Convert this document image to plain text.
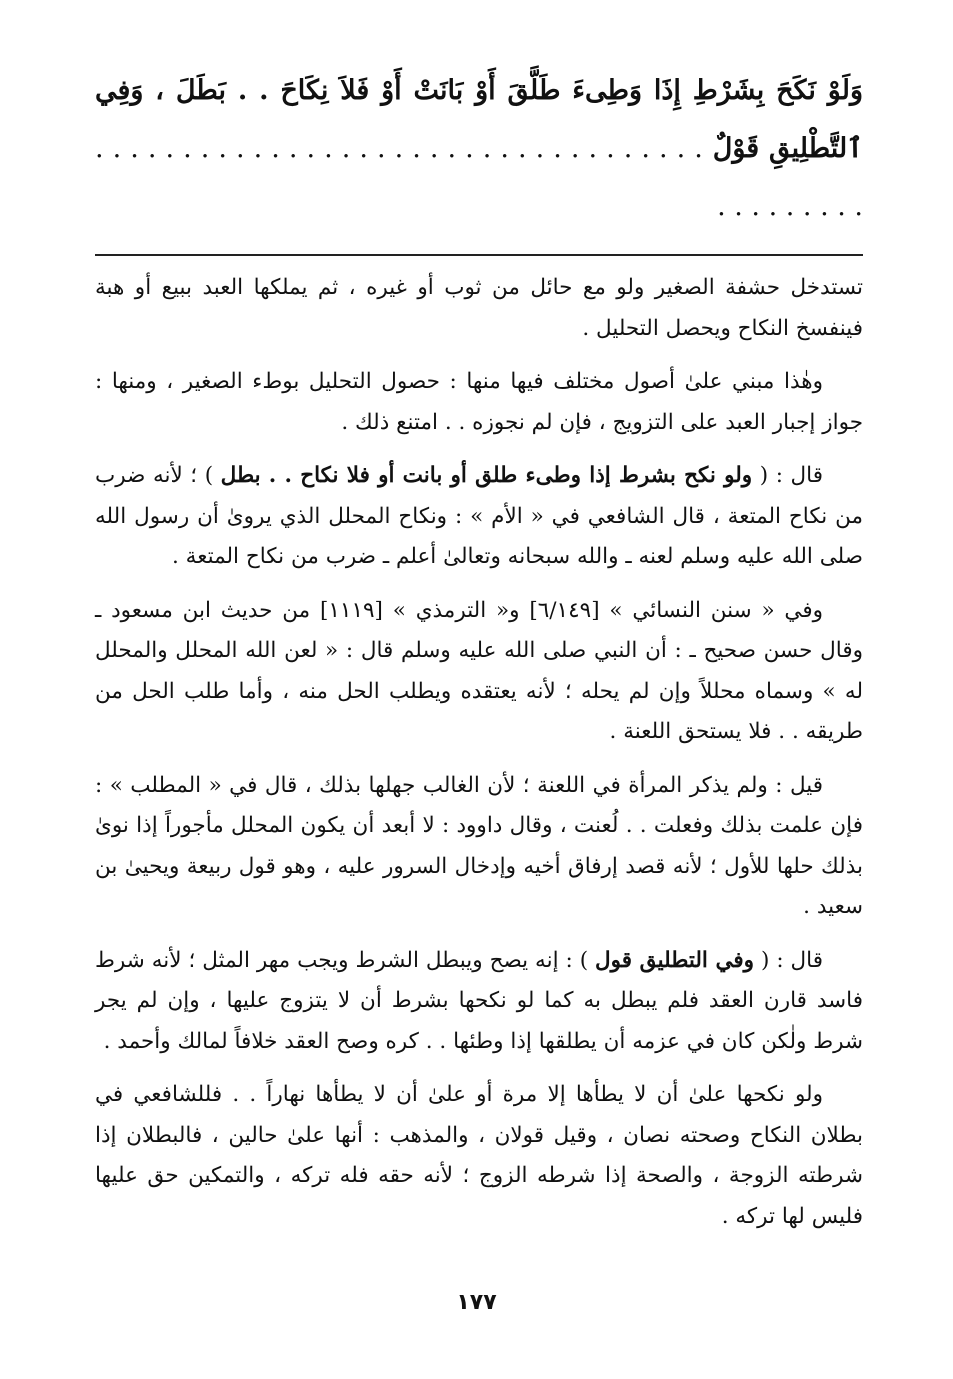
وَلَوْ نَكَحَ بِشَرْطِ إِذَا وَطِىءَ طَلَّقَ أَوْ بَانَتْ أَوْ فَلاَ نِكَاحَ . . بَطَلَ ، وَفِي ٱلتَّطْلِيقِ قَوْلٌ . . . . . . . . . . . . . . . . . . . . . . . . . . . . . . . . . . . . . . . . . . . .

تستدخل حشفة الصغير ولو مع حائل من ثوب أو غيره ، ثم يملكها العبد ببيع أو هبة فينفسخ النكاح ويحصل التحليل .

وهٰذا مبني علىٰ أصول مختلف فيها منها : حصول التحليل بوطء الصغير ، ومنها : جواز إجبار العبد على التزويج ، فإن لم نجوزه . . امتنع ذلك .

قال : ( ولو نكح بشرط إذا وطىء طلق أو بانت أو فلا نكاح . . بطل ) ؛ لأنه ضرب من نكاح المتعة ، قال الشافعي في « الأم » : ونكاح المحلل الذي يروىٰ أن رسول الله صلى الله عليه وسلم لعنه ـ والله سبحانه وتعالىٰ أعلم ـ ضرب من نكاح المتعة .

وفي « سنن النسائي » [٦/١٤٩] و« الترمذي » [١١١٩] من حديث ابن مسعود ـ وقال حسن صحيح ـ : أن النبي صلى الله عليه وسلم قال : « لعن الله المحلل والمحلل له » وسماه محللاً وإن لم يحله ؛ لأنه يعتقده ويطلب الحل منه ، وأما طلب الحل من طريقه . . فلا يستحق اللعنة .

قيل : ولم يذكر المرأة في اللعنة ؛ لأن الغالب جهلها بذلك ، قال في « المطلب » : فإن علمت بذلك وفعلت . . لُعنت ، وقال داوود : لا أبعد أن يكون المحلل مأجوراً إذا نوىٰ بذلك حلها للأول ؛ لأنه قصد إرفاق أخيه وإدخال السرور عليه ، وهو قول ربيعة ويحيىٰ بن سعيد .

قال : ( وفي التطليق قول ) : إنه يصح ويبطل الشرط ويجب مهر المثل ؛ لأنه شرط فاسد قارن العقد فلم يبطل به كما لو نكحها بشرط أن لا يتزوج عليها ، وإن لم يجر شرط ولٰكن كان في عزمه أن يطلقها إذا وطئها . . كره وصح العقد خلافاً لمالك وأحمد .

ولو نكحها علىٰ أن لا يطأها إلا مرة أو علىٰ أن لا يطأها نهاراً . . فللشافعي في بطلان النكاح وصحته نصان ، وقيل قولان ، والمذهب : أنها علىٰ حالين ، فالبطلان إذا شرطته الزوجة ، والصحة إذا شرطه الزوج ؛ لأنه حقه فله تركه ، والتمكين حق عليها فليس لها تركه .

١٧٧
